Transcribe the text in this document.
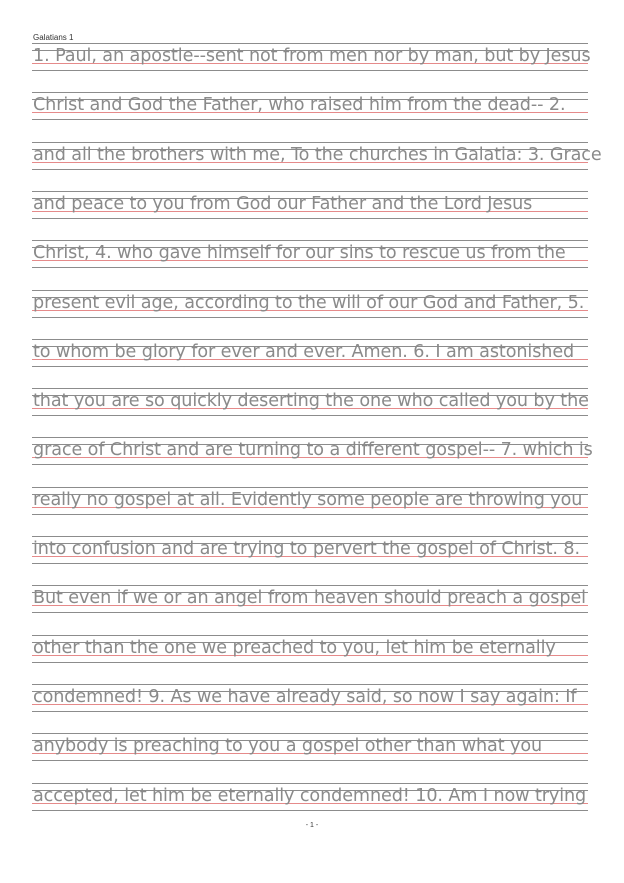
Galatians 1
1. Paul, an apostle--sent not from men nor by man, but by Jesus
Christ and God the Father, who raised him from the dead-- 2.
and all the brothers with me, To the churches in Galatia: 3. Grace
and peace to you from God our Father and the Lord Jesus
Christ, 4. who gave himself for our sins to rescue us from the
present evil age, according to the will of our God and Father, 5.
to whom be glory for ever and ever. Amen. 6. I am astonished
that you are so quickly deserting the one who called you by the
grace of Christ and are turning to a different gospel-- 7. which is
really no gospel at all. Evidently some people are throwing you
into confusion and are trying to pervert the gospel of Christ. 8.
But even if we or an angel from heaven should preach a gospel
other than the one we preached to you, let him be eternally
condemned! 9. As we have already said, so now I say again: If
anybody is preaching to you a gospel other than what you
accepted, let him be eternally condemned! 10. Am I now trying
- 1 -
